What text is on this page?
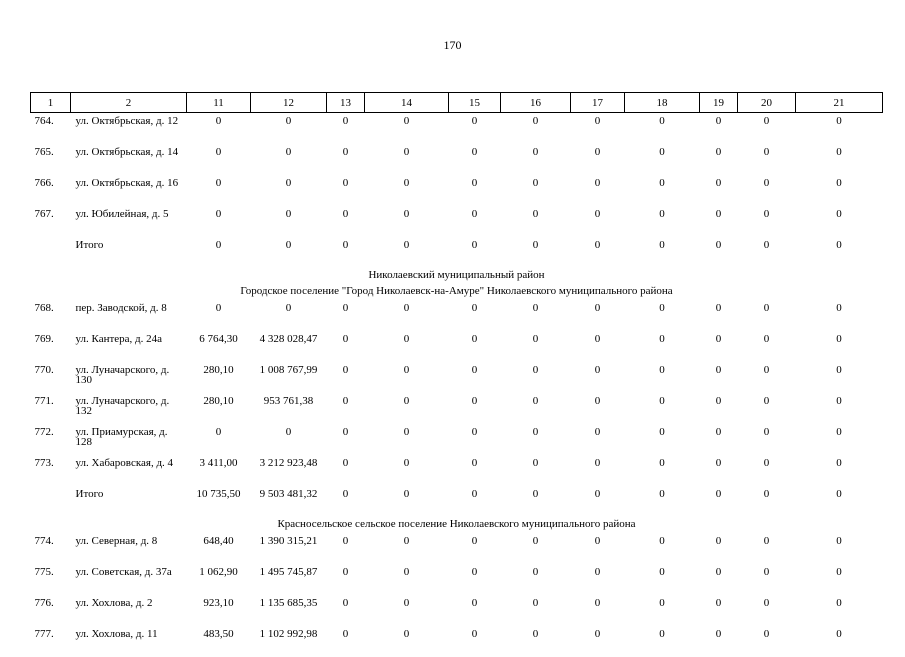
170
1	2	11	12	13	14	15	16	17	18	19	20	21
764.	ул. Октябрьская, д. 12	0	0	0	0	0	0	0	0	0	0	0
765.	ул. Октябрьская, д. 14	0	0	0	0	0	0	0	0	0	0	0
766.	ул. Октябрьская, д. 16	0	0	0	0	0	0	0	0	0	0	0
767.	ул. Юбилейная, д. 5	0	0	0	0	0	0	0	0	0	0	0
	Итого	0	0	0	0	0	0	0	0	0	0	0
Николаевский муниципальный район												
Городское поселение "Город Николаевск-на-Амуре" Николаевского муниципального района												
768.	пер. Заводской, д. 8	0	0	0	0	0	0	0	0	0	0	0
769.	ул. Кантера, д. 24а	6 764,30	4 328 028,47	0	0	0	0	0	0	0	0	0
770.	ул. Луначарского, д. 130	280,10	1 008 767,99	0	0	0	0	0	0	0	0	0
771.	ул. Луначарского, д. 132	280,10	953 761,38	0	0	0	0	0	0	0	0	0
772.	ул. Приамурская, д. 128	0	0	0	0	0	0	0	0	0	0	0
773.	ул. Хабаровская, д. 4	3 411,00	3 212 923,48	0	0	0	0	0	0	0	0	0
	Итого	10 735,50	9 503 481,32	0	0	0	0	0	0	0	0	0
Красносельское сельское поселение Николаевского муниципального района												
774.	ул. Северная, д. 8	648,40	1 390 315,21	0	0	0	0	0	0	0	0	0
775.	ул. Советская, д. 37а	1 062,90	1 495 745,87	0	0	0	0	0	0	0	0	0
776.	ул. Хохлова, д. 2	923,10	1 135 685,35	0	0	0	0	0	0	0	0	0
777.	ул. Хохлова, д. 11	483,50	1 102 992,98	0	0	0	0	0	0	0	0	0
